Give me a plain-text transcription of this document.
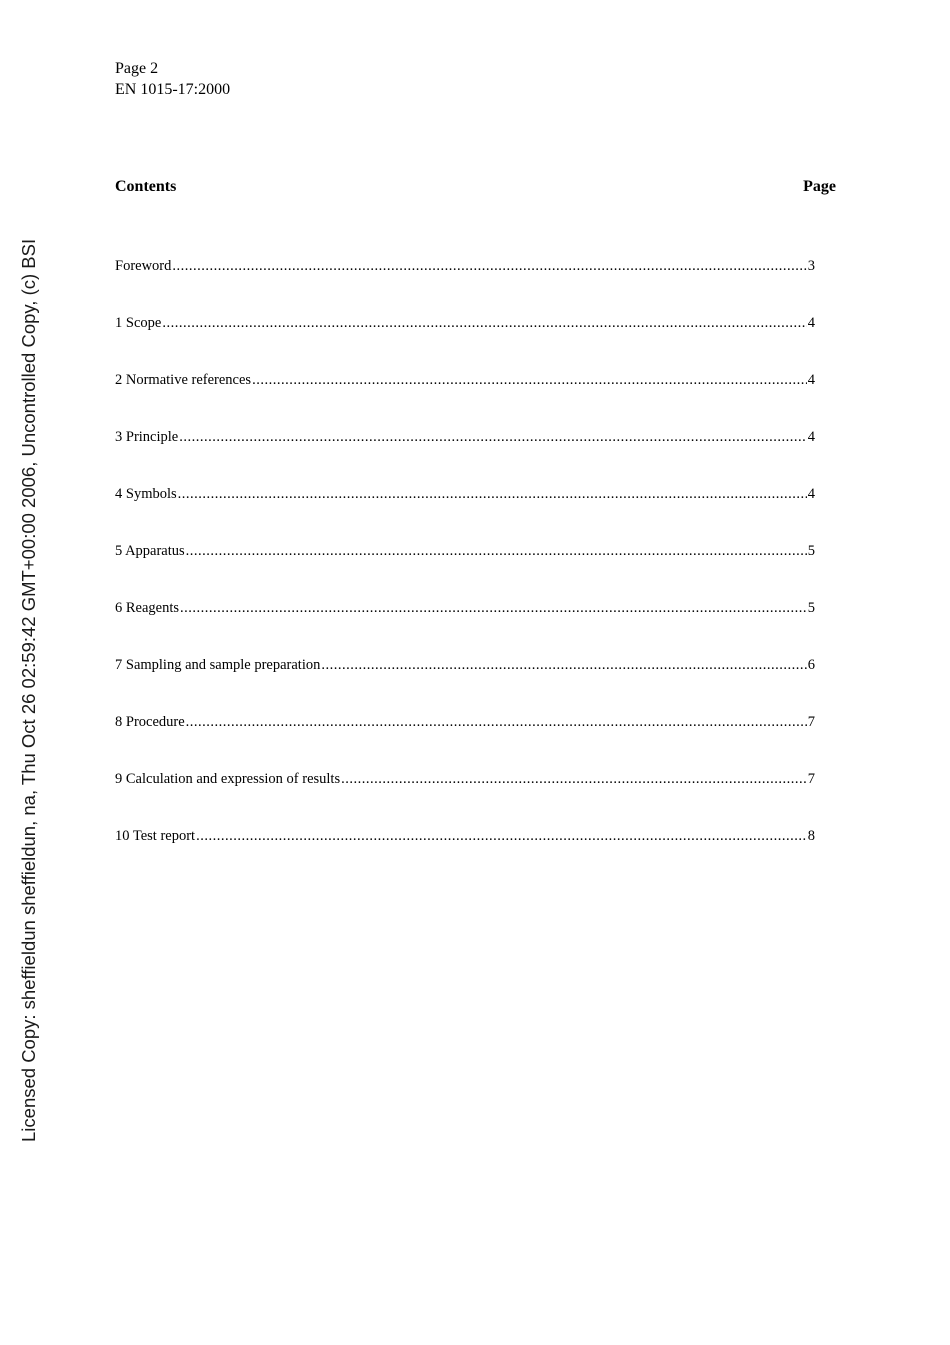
Page 2
EN 1015-17:2000
Contents	Page
Foreword .....	3
1 Scope .....	4
2 Normative references .....	4
3 Principle .....	4
4 Symbols .....	4
5 Apparatus .....	5
6 Reagents .....	5
7 Sampling and sample preparation .....	6
8 Procedure .....	7
9 Calculation and expression of results .....	7
10 Test report .....	8
Licensed Copy: sheffieldun sheffieldun, na, Thu Oct 26 02:59:42 GMT+00:00 2006, Uncontrolled Copy, (c) BSI
